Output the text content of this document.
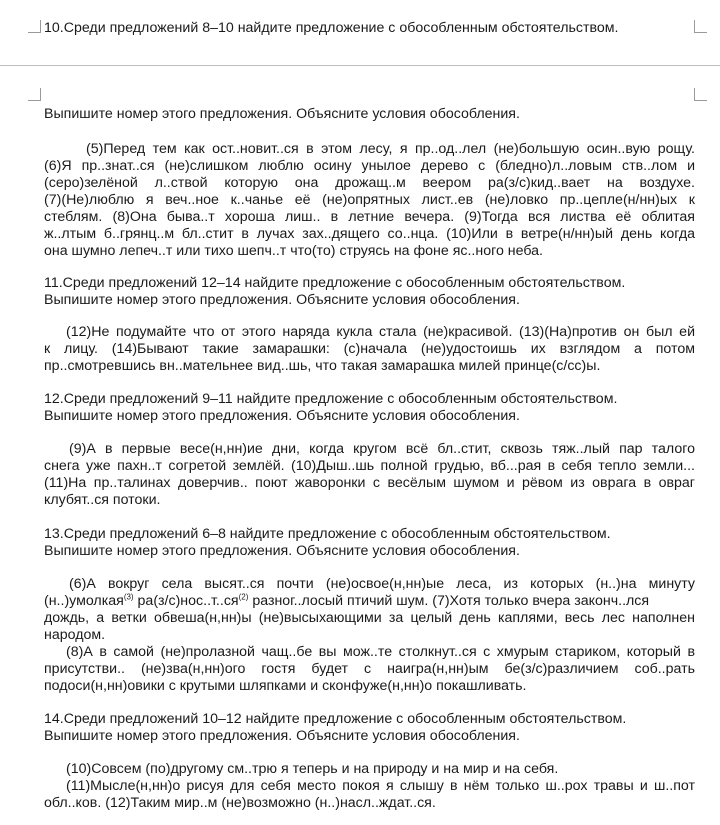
10.Среди предложений 8–10 найдите предложение с обособленным обстоятельством.
Выпишите номер этого предложения. Объясните условия обособления.
(5)Перед тем как ост..новит..ся в этом лесу, я пр..од..лел (не)большую осин..вую рощу.
(6)Я пр..знат..ся (не)слишком люблю осину унылое дерево с (бледно)л..ловым ств..лом и
(серо)зелёной л..ствой которую она дрожащ..м веером ра(з/с)кид..вает на воздухе.
(7)(Не)люблю я веч..ное к..чанье её (не)опрятных лист..ев (не)ловко пр..цепле(н/нн)ых к
стеблям. (8)Она быва..т хороша лиш.. в летние вечера. (9)Тогда вся листва её облитая
ж..лтым б..грянц..м бл..стит в лучах зах..дящего со..нца. (10)Или в ветре(н/нн)ый день когда
она шумно лепеч..т или тихо шепч..т что(то) струясь на фоне яс..ного неба.
11.Среди предложений 12–14 найдите предложение с обособленным обстоятельством.
Выпишите номер этого предложения. Объясните условия обособления.
(12)Не подумайте что от этого наряда кукла стала (не)красивой. (13)(На)против он был ей
к лицу. (14)Бывают такие замарашки: (с)начала (не)удостоишь их взглядом а потом
пр..смотревшись вн..мательнее вид..шь, что такая замарашка милей принце(с/сс)ы.
12.Среди предложений 9–11 найдите предложение с обособленным обстоятельством.
Выпишите номер этого предложения. Объясните условия обособления.
(9)А в первые весе(н,нн)ие дни, когда кругом всё бл..стит, сквозь тяж..лый пар талого
снега уже пахн..т согретой землёй. (10)Дыш..шь полной грудью, вб...рая в себя тепло земли...
(11)На пр..талинах доверчив.. поют жаворонки с весёлым шумом и рёвом из оврага в овраг
клубят..ся потоки.
13.Среди предложений 6–8 найдите предложение с обособленным обстоятельством.
Выпишите номер этого предложения. Объясните условия обособления.
(6)А вокруг села высят..ся почти (не)освое(н,нн)ые леса, из которых (н..)на минуту
(н..)умолкая$^{(3)}$ $ра(з/с)нос..т..ся^{(2)}$ разног..лосый птичий шум. (7)Хотя только вчера законч..лся
дождь, а ветки обвеша(н,нн)ы (не)высыхающими за целый день каплями, весь лес наполнен
народом.
(8)А в самой (не)пролазной чащ..бе вы мож..те столкнут..ся с хмурым стариком, который в
присутстви.. (не)зва(н,нн)ого гостя будет с наигра(н,нн)ым бе(з/с)различием соб..рать
подоси(н,нн)овики с крутыми шляпками и сконфуже(н,нн)о покашливать.
14.Среди предложений 10–12 найдите предложение с обособленным обстоятельством.
Выпишите номер этого предложения. Объясните условия обособления.
(10)Совсем (по)другому см..трю я теперь и на природу и на мир и на себя.
(11)Мысле(н,нн)о рисуя для себя место покоя я слышу в нём только ш..рох травы и ш..пот
обл..ков. (12)Таким мир..м (не)возможно (н..)насл..ждат..ся.
